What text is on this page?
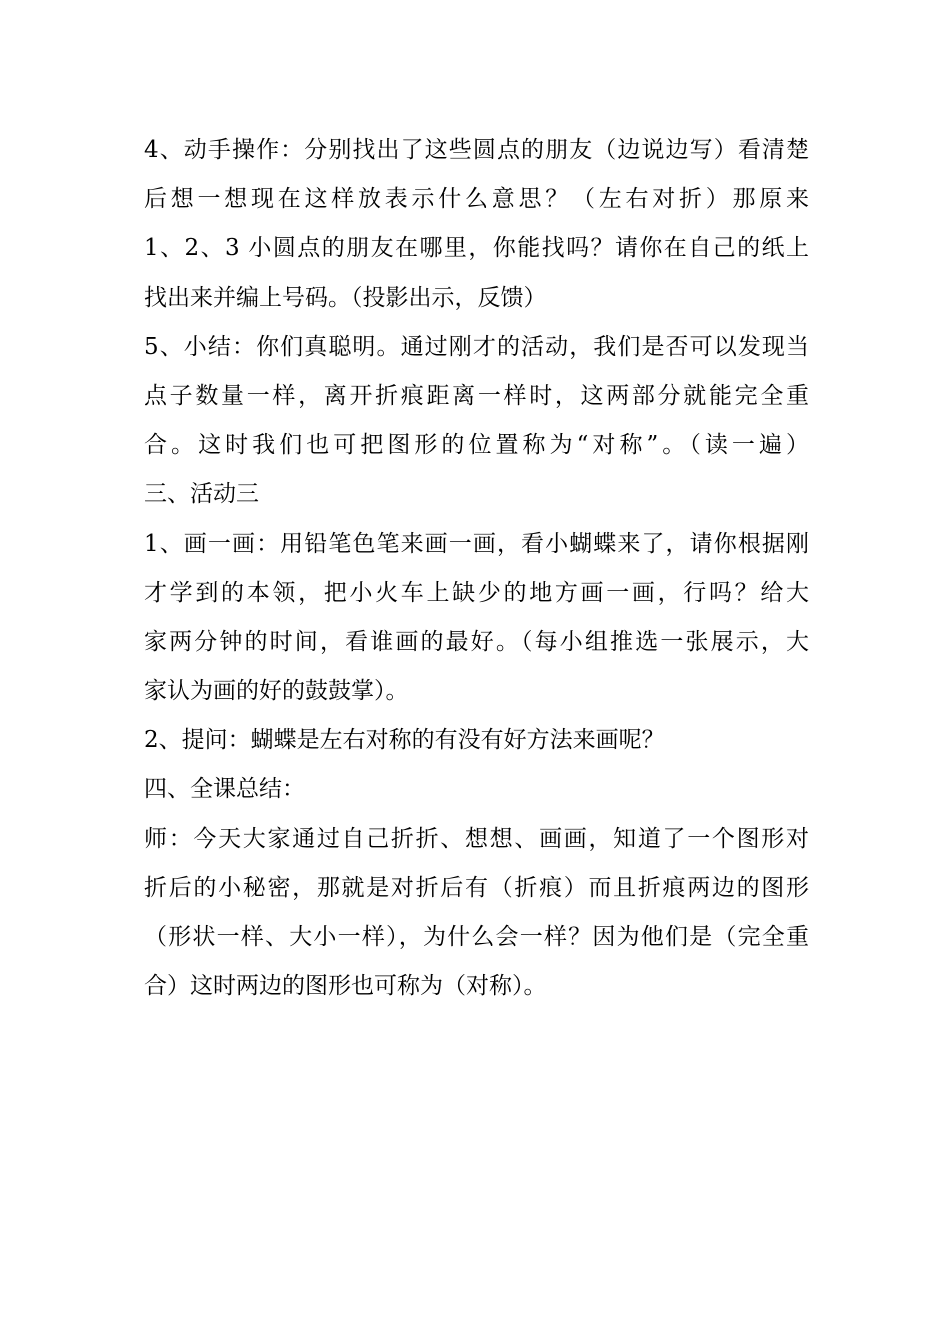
4、动手操作：分别找出了这些圆点的朋友（边说边写）看清楚
后想一想现在这样放表示什么意思？（左右对折）那原来
1、2、3 小圆点的朋友在哪里，你能找吗？请你在自己的纸上
找出来并编上号码。（投影出示，反馈）
5、小结：你们真聪明。通过刚才的活动，我们是否可以发现当
点子数量一样，离开折痕距离一样时，这两部分就能完全重
合。这时我们也可把图形的位置称为“对称”。（读一遍）
三、活动三
1、画一画：用铅笔色笔来画一画，看小蝴蝶来了，请你根据刚
才学到的本领，把小火车上缺少的地方画一画，行吗？给大
家两分钟的时间，看谁画的最好。（每小组推选一张展示，大
家认为画的好的鼓鼓掌）。
2、提问：蝴蝶是左右对称的有没有好方法来画呢？
四、全课总结：
师：今天大家通过自己折折、想想、画画，知道了一个图形对
折后的小秘密，那就是对折后有（折痕）而且折痕两边的图形
（形状一样、大小一样），为什么会一样？因为他们是（完全重
合）这时两边的图形也可称为（对称）。
